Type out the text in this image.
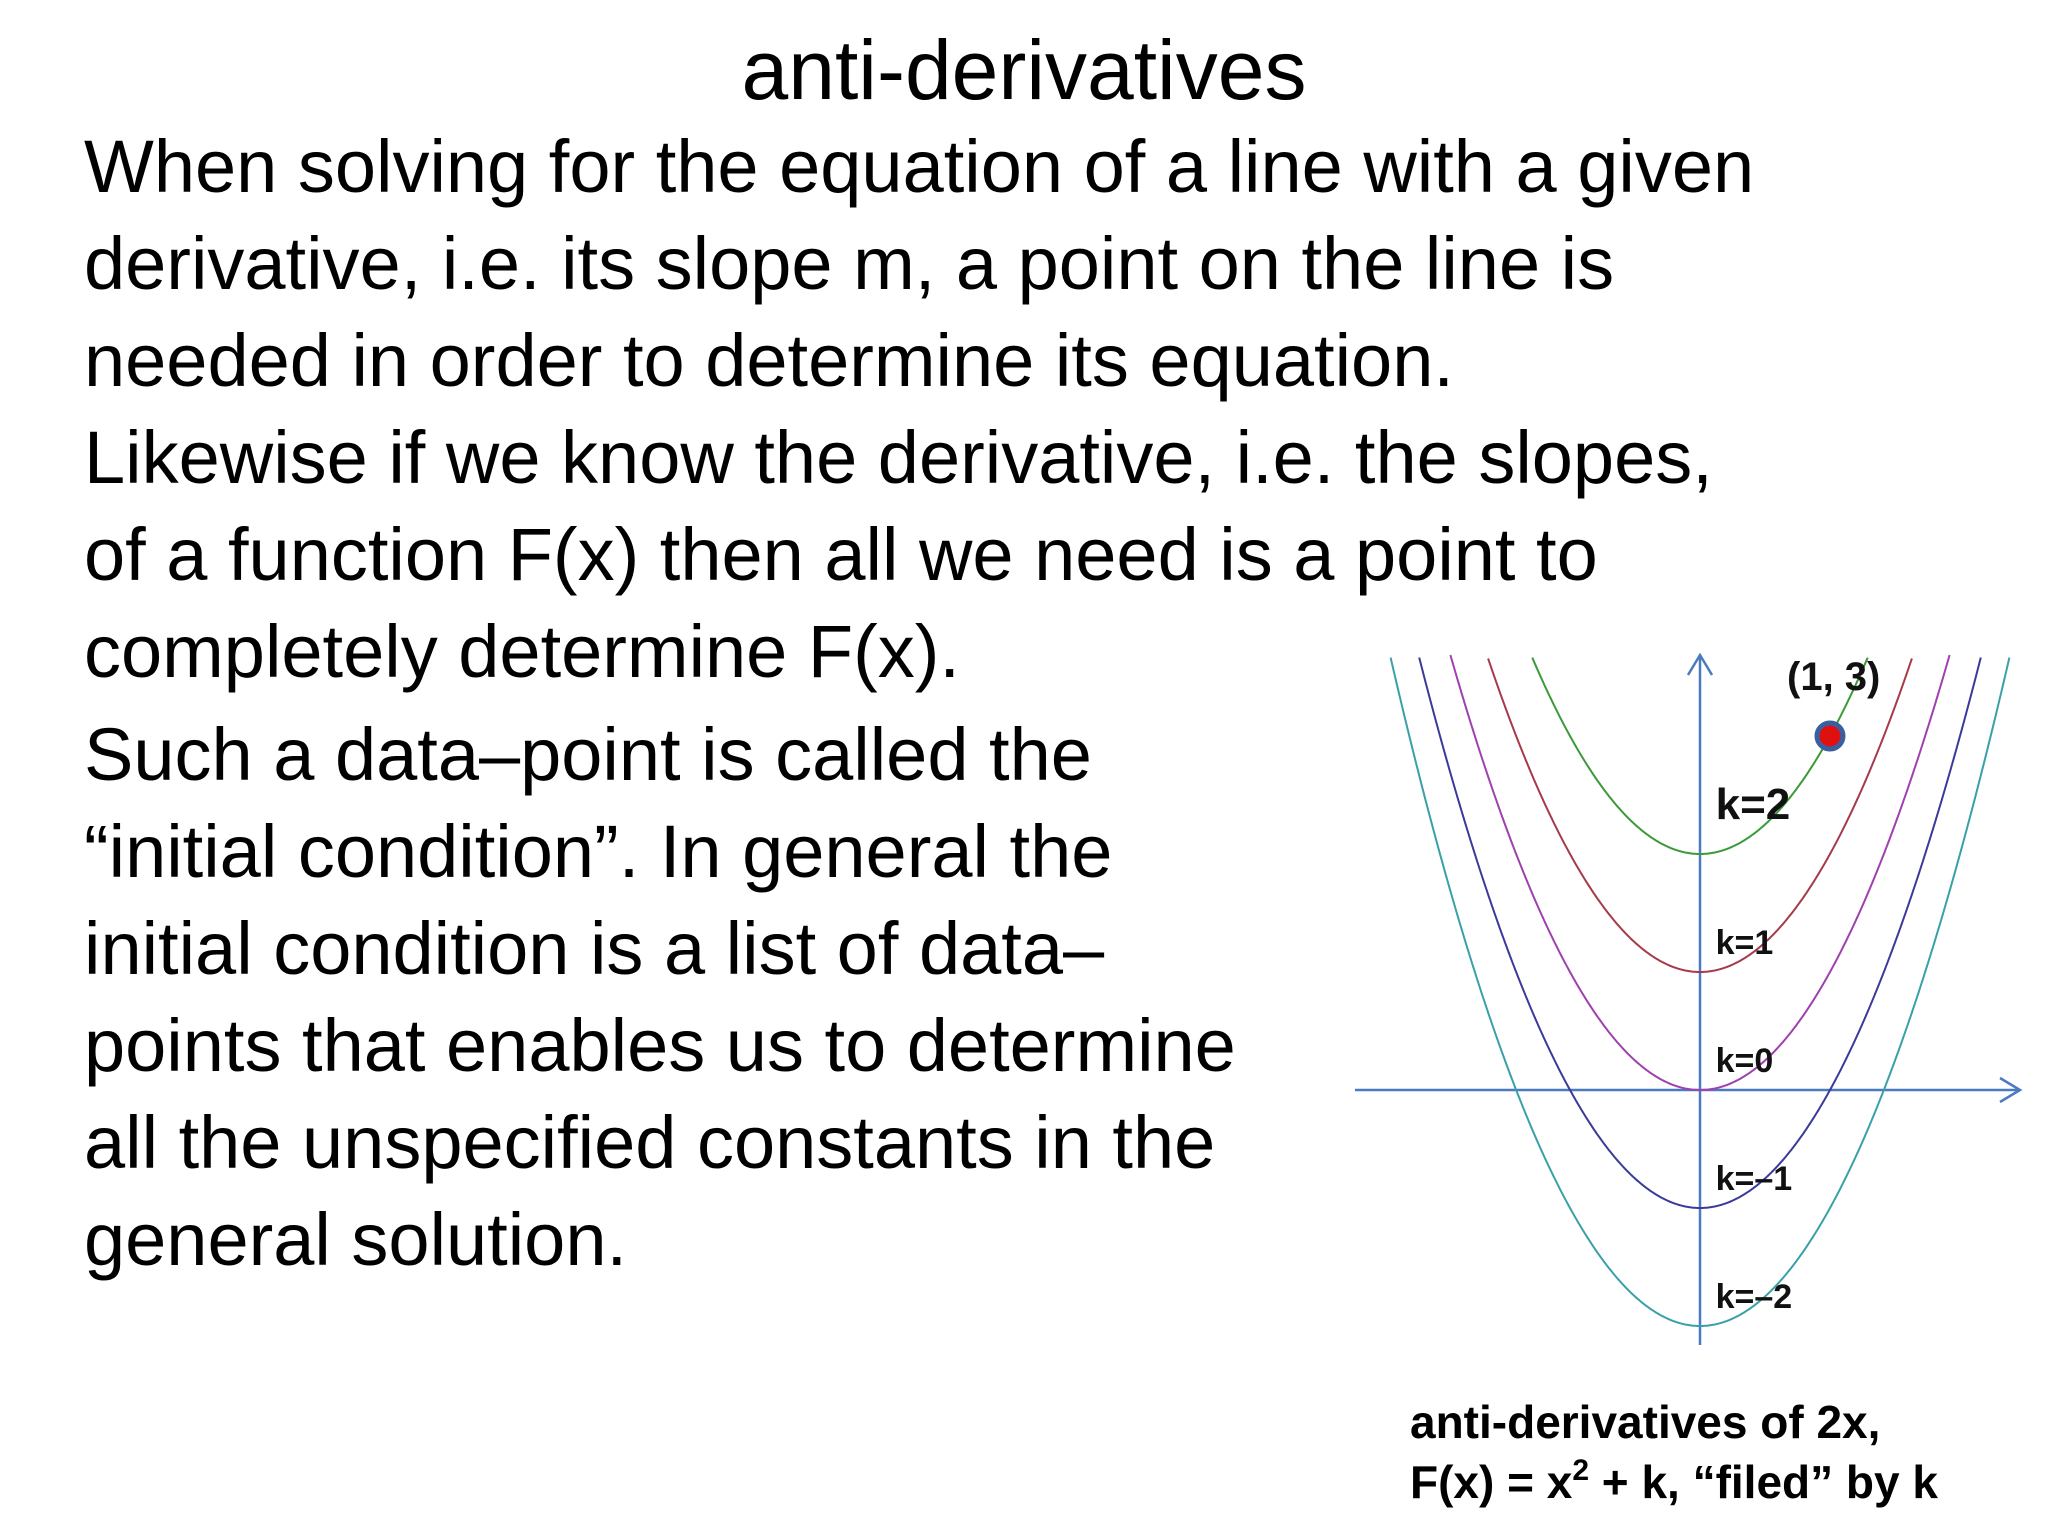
anti-derivatives

When solving for the equation of a line with a given
derivative, i.e. its slope m, a point on the line is
needed in order to determine its equation.
Likewise if we know the derivative, i.e. the slopes,
of a function F(x) then all we need is a point to
completely determine F(x).

Such a data–point is called the
“initial condition”. In general the
initial condition is a list of data–
points that enables us to determine
all the unspecified constants in the
general solution.

k=2
k=1
k=0
k=–1
k=–2
(1, 3)
anti-derivatives of 2x,
$F(x) = x^2 + k$, “filed” by k
